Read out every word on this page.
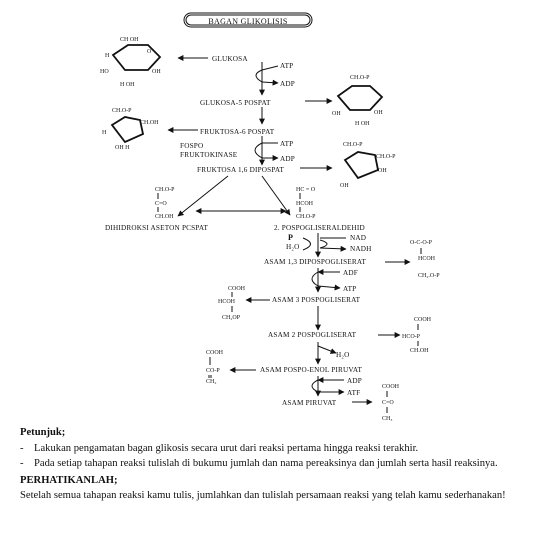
BAGAN GLIKOLISIS
GLUKOSA
GLUKOSA-5 POSPAT
FRUKTOSA-6 POSPAT
FRUKTOSA 1,6 DIPOSPAT
ATP
ADP
ATP
ADP
FOSPO
FRUKTOKINASE
CH OH
H
HO	OH
H OH
O
CH.O-P
OH	OH
H OH
CH.O-P
CH.OH
H
OH H	CH.O-P
CH.O-P
OH
OH
CH.O-P
C=O
CH.OH
HC = O
HCOH
CH.O-P
DIHIDROKSI ASETON PCSPAT	2. POSPOGLISERALDEHID
P	NAD
H₂O	NADH
O-C-O-P
HCOH
CH₂.O-P
ASAM 1,3 DIPOSPOGLISERAT
ADF
ATP
ASAM 3 POSPOGLISERAT
COOH
HCOH
CH₂OP
ASAM 2 POSPOGLISERAT
COOH
HCO-P
CH.OH
H₂O
ASAM POSPO-ENOL PIRUVAT
COOH
CO-P
CH₂	ADP
ATF
ASAM PIRUVAT
COOH
C=O
CH₃
Petunjuk;
- Lakukan pengamatan bagan glikosis secara urut dari reaksi pertama hingga reaksi terakhir.
- Pada setiap tahapan reaksi tulislah di bukumu jumlah dan nama pereaksinya dan jumlah serta hasil reaksinya.
PERHATIKANLAH;

Setelah semua tahapan reaksi kamu tulis, jumlahkan dan tulislah persamaan reaksi yang telah kamu sederhanakan!
